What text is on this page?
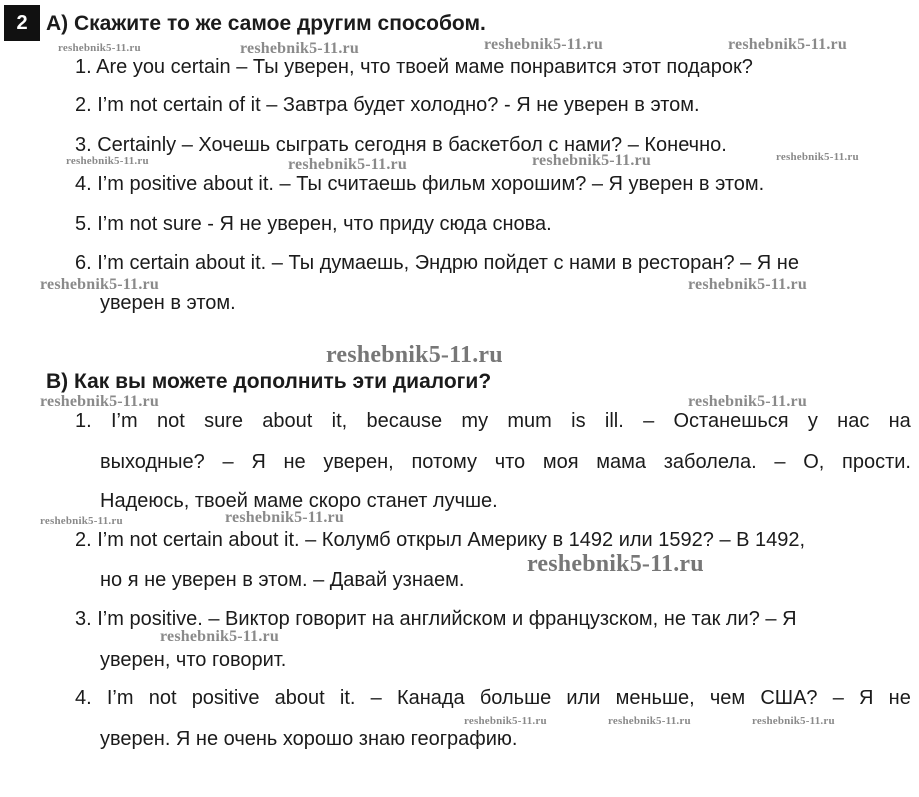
2 A) Скажите то же самое другим способом.
1. Are you certain – Ты уверен, что твоей маме понравится этот подарок?
2. I’m not certain of it – Завтра будет холодно? - Я не уверен в этом.
3. Certainly – Хочешь сыграть сегодня в баскетбол с нами? – Конечно.
4. I’m positive about it. – Ты считаешь фильм хорошим? – Я уверен в этом.
5. I’m not sure - Я не уверен, что приду сюда снова.
6. I’m certain about it. – Ты думаешь, Эндрю пойдет с нами в ресторан? – Я не
уверен в этом.
В) Как вы можете дополнить эти диалоги?
1. I’m not sure about it, because my mum is ill. – Останешься у нас на
выходные? – Я не уверен, потому что моя мама заболела. – О, прости.
Надеюсь, твоей маме скоро станет лучше.
2. I’m not certain about it. – Колумб открыл Америку в 1492 или 1592? – В 1492,
но я не уверен в этом. – Давай узнаем.
3. I’m positive. – Виктор говорит на английском и французском, не так ли? – Я
уверен, что говорит.
4. I’m not positive about it. – Канада больше или меньше, чем США? – Я не
уверен. Я не очень хорошо знаю географию.
reshebnik5-11.ru	reshebnik5-11.ru	reshebnik5-11.ru	reshebnik5-11.ru
reshebnik5-11.ru	reshebnik5-11.ru	reshebnik5-11.ru	reshebnik5-11.ru
reshebnik5-11.ru	reshebnik5-11.ru
reshebnik5-11.ru
reshebnik5-11.ru	reshebnik5-11.ru
reshebnik5-11.ru	reshebnik5-11.ru
reshebnik5-11.ru
reshebnik5-11.ru
reshebnik5-11.ru	reshebnik5-11.ru	reshebnik5-11.ru
